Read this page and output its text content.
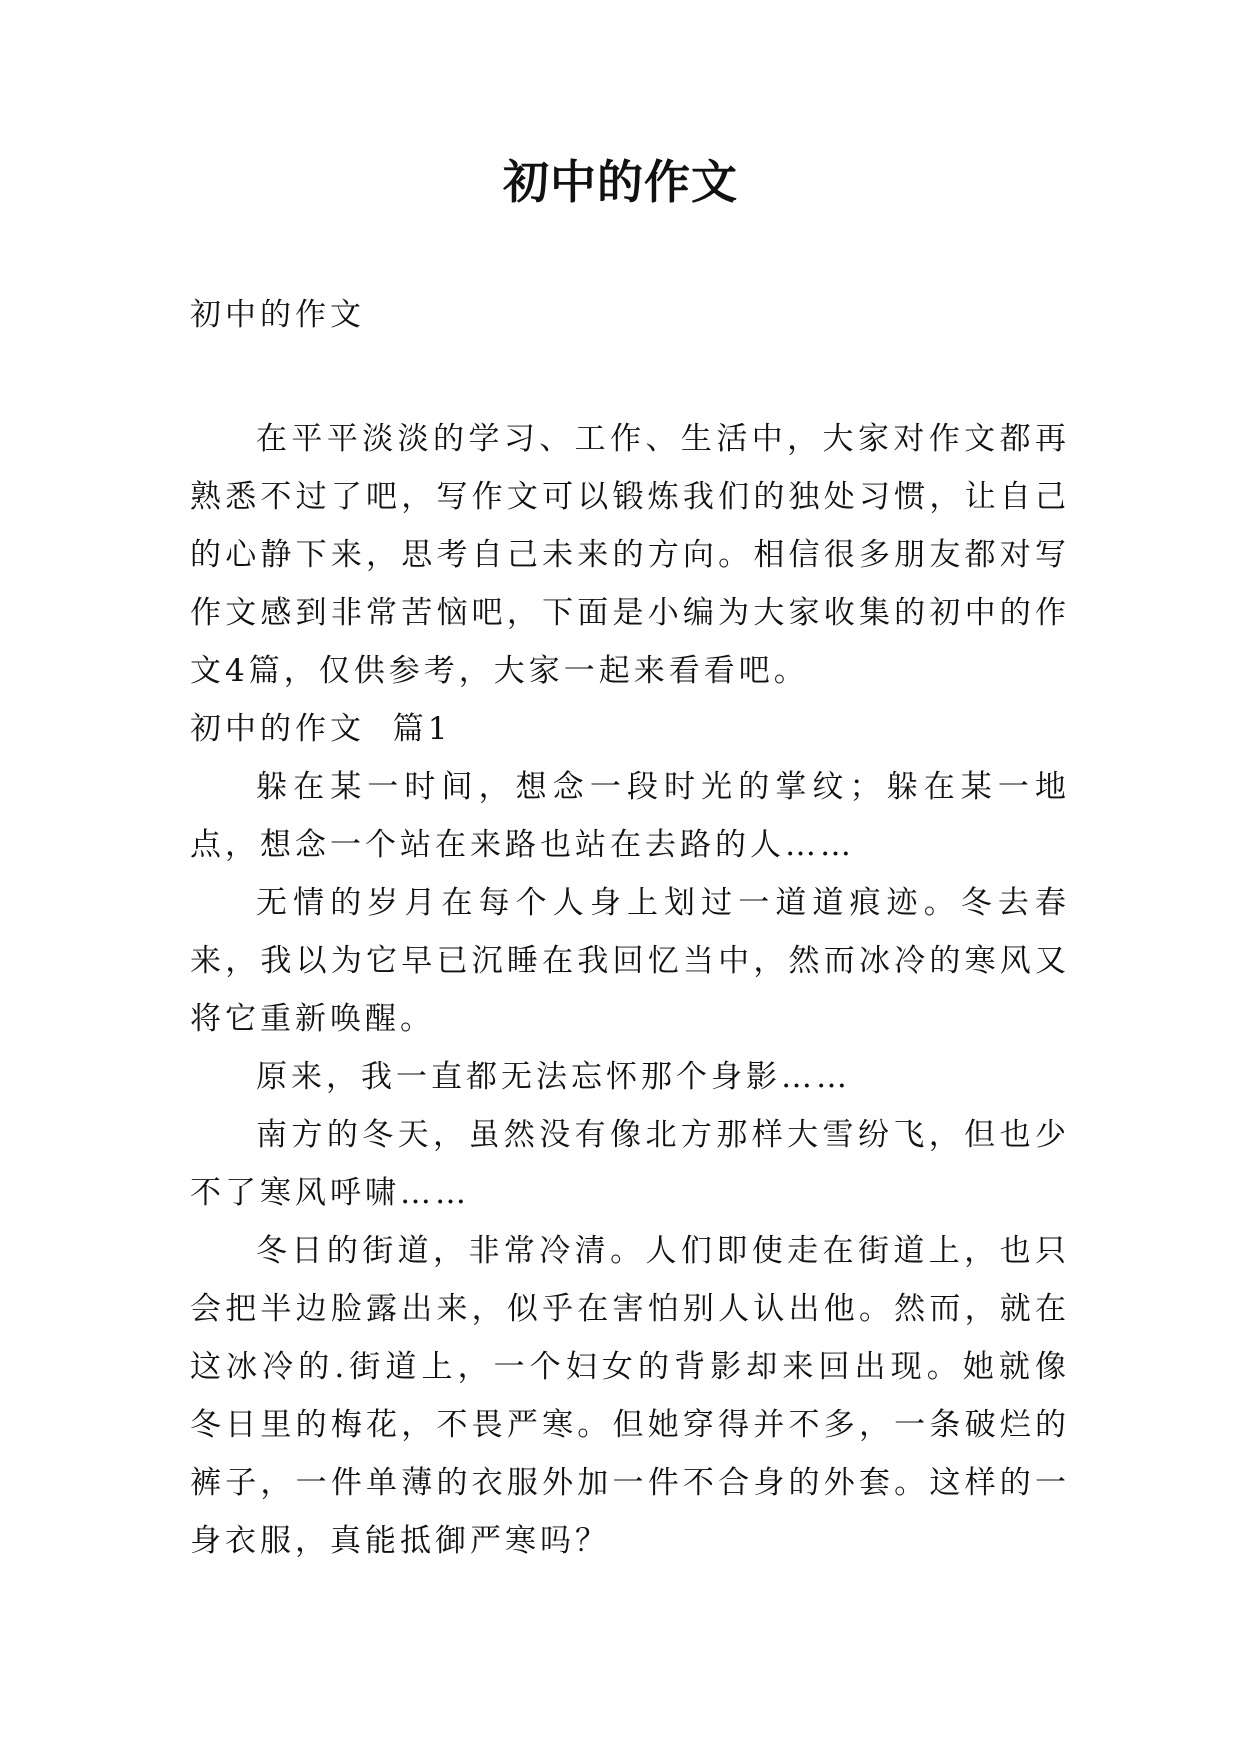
初中的作文

初中的作文

在平平淡淡的学习、工作、生活中，大家对作文都再熟悉不过了吧，写作文可以锻炼我们的独处习惯，让自己的心静下来，思考自己未来的方向。相信很多朋友都对写作文感到非常苦恼吧，下面是小编为大家收集的初中的作文4篇，仅供参考，大家一起来看看吧。

初中的作文  篇1

躲在某一时间，想念一段时光的掌纹；躲在某一地点，想念一个站在来路也站在去路的人……

无情的岁月在每个人身上划过一道道痕迹。冬去春来，我以为它早已沉睡在我回忆当中，然而冰冷的寒风又将它重新唤醒。

原来，我一直都无法忘怀那个身影……

南方的冬天，虽然没有像北方那样大雪纷飞，但也少不了寒风呼啸……

冬日的街道，非常冷清。人们即使走在街道上，也只会把半边脸露出来，似乎在害怕别人认出他。然而，就在这冰冷的.街道上，一个妇女的背影却来回出现。她就像冬日里的梅花，不畏严寒。但她穿得并不多，一条破烂的裤子，一件单薄的衣服外加一件不合身的外套。这样的一身衣服，真能抵御严寒吗？
